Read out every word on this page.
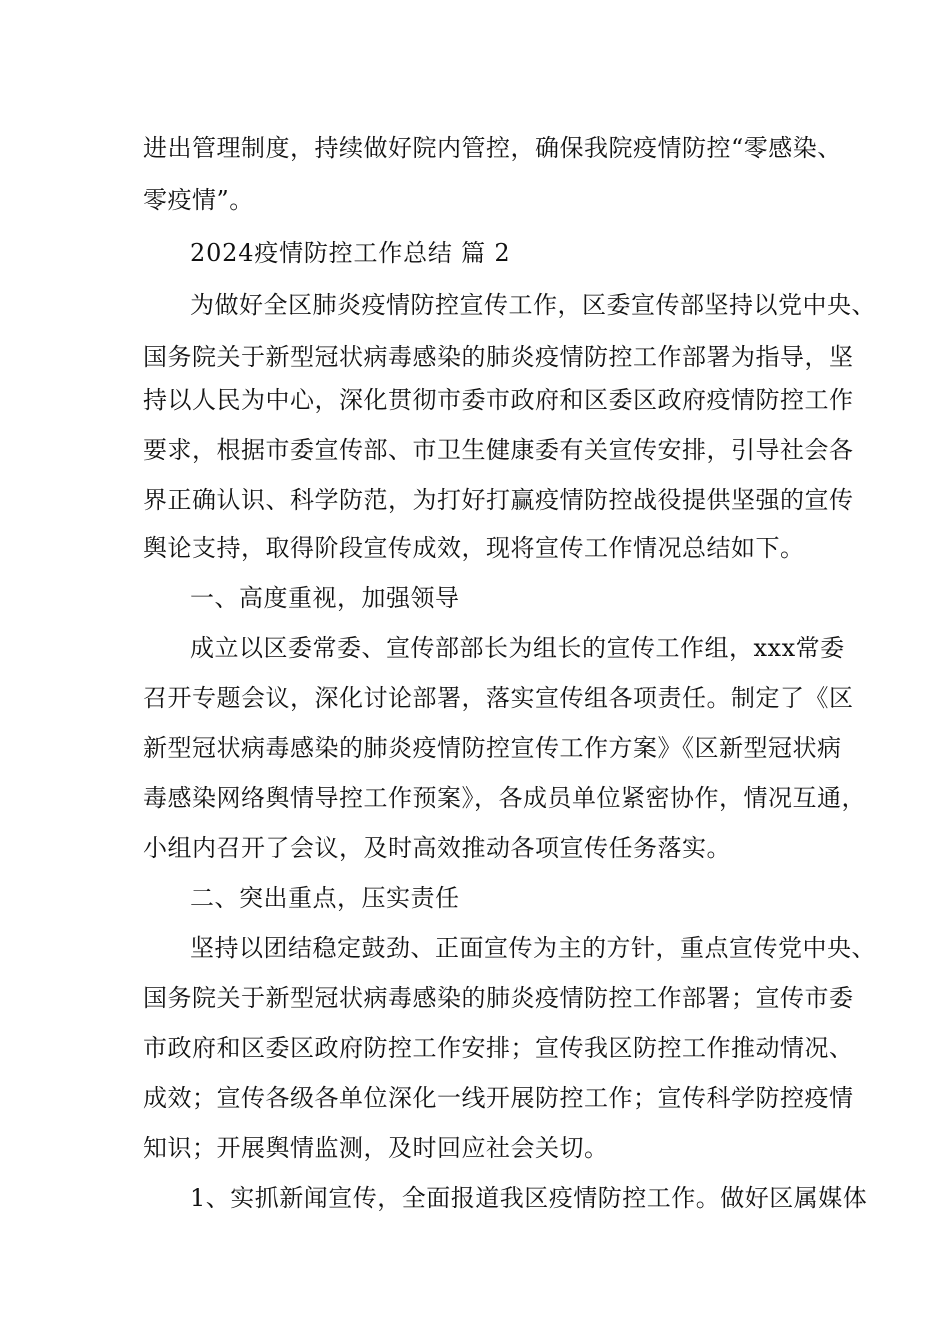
进出管理制度，持续做好院内管控，确保我院疫情防控“零感染、
零疫情”。
2024疫情防控工作总结 篇 2
为做好全区肺炎疫情防控宣传工作，区委宣传部坚持以党中央、
国务院关于新型冠状病毒感染的肺炎疫情防控工作部署为指导，坚
持以人民为中心，深化贯彻市委市政府和区委区政府疫情防控工作
要求，根据市委宣传部、市卫生健康委有关宣传安排，引导社会各
界正确认识、科学防范，为打好打赢疫情防控战役提供坚强的宣传
舆论支持，取得阶段宣传成效，现将宣传工作情况总结如下。
一、高度重视，加强领导
成立以区委常委、宣传部部长为组长的宣传工作组，xxx常委
召开专题会议，深化讨论部署，落实宣传组各项责任。制定了《区
新型冠状病毒感染的肺炎疫情防控宣传工作方案》《区新型冠状病
毒感染网络舆情导控工作预案》，各成员单位紧密协作，情况互通，
小组内召开了会议，及时高效推动各项宣传任务落实。
二、突出重点，压实责任
坚持以团结稳定鼓劲、正面宣传为主的方针，重点宣传党中央、
国务院关于新型冠状病毒感染的肺炎疫情防控工作部署；宣传市委
市政府和区委区政府防控工作安排；宣传我区防控工作推动情况、
成效；宣传各级各单位深化一线开展防控工作；宣传科学防控疫情
知识；开展舆情监测，及时回应社会关切。
1、实抓新闻宣传，全面报道我区疫情防控工作。做好区属媒体
